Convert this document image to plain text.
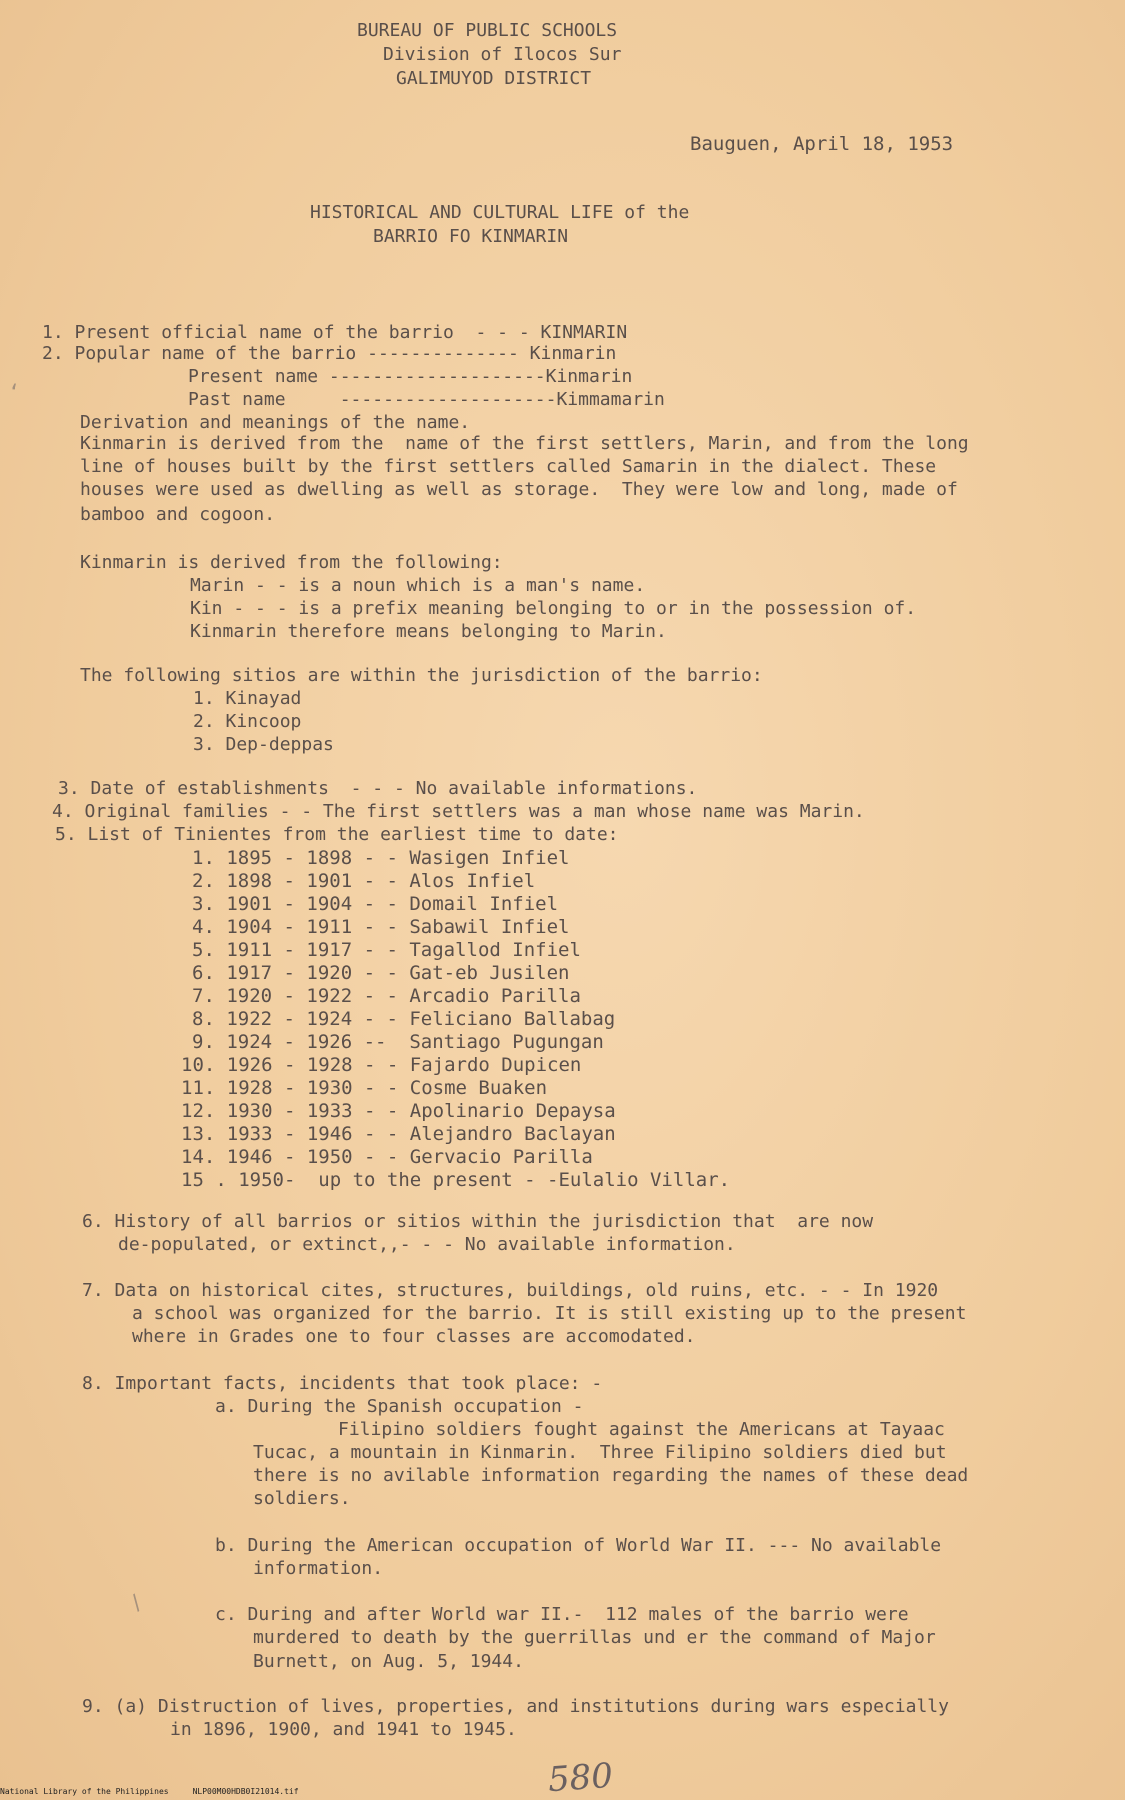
BUREAU OF PUBLIC SCHOOLS
Division of Ilocos Sur
GALIMUYOD DISTRICT
Bauguen, April 18, 1953
HISTORICAL AND CULTURAL LIFE of the
BARRIO FO KINMARIN
1. Present official name of the barrio  - - - KINMARIN
2. Popular name of the barrio -------------- Kinmarin
Present name --------------------Kinmarin
Past name     --------------------Kimmamarin
Derivation and meanings of the name.
Kinmarin is derived from the  name of the first settlers, Marin, and from the long
line of houses built by the first settlers called Samarin in the dialect. These
houses were used as dwelling as well as storage.  They were low and long, made of
bamboo and cogoon.
Kinmarin is derived from the following:
Marin - - is a noun which is a man's name.
Kin - - - is a prefix meaning belonging to or in the possession of.
Kinmarin therefore means belonging to Marin.
The following sitios are within the jurisdiction of the barrio:
1. Kinayad
2. Kincoop
3. Dep-deppas
3. Date of establishments  - - - No available informations.
4. Original families - - The first settlers was a man whose name was Marin.
5. List of Tinientes from the earliest time to date:
1. 1895 - 1898 - - Wasigen Infiel
2. 1898 - 1901 - - Alos Infiel
3. 1901 - 1904 - - Domail Infiel
4. 1904 - 1911 - - Sabawil Infiel
5. 1911 - 1917 - - Tagallod Infiel
6. 1917 - 1920 - - Gat-eb Jusilen
7. 1920 - 1922 - - Arcadio Parilla
8. 1922 - 1924 - - Feliciano Ballabag
9. 1924 - 1926 --  Santiago Pugungan
10. 1926 - 1928 - - Fajardo Dupicen
11. 1928 - 1930 - - Cosme Buaken
12. 1930 - 1933 - - Apolinario Depaysa
13. 1933 - 1946 - - Alejandro Baclayan
14. 1946 - 1950 - - Gervacio Parilla
15 . 1950-  up to the present - -Eulalio Villar.
6. History of all barrios or sitios within the jurisdiction that  are now
de-populated, or extinct,,- - - No available information.
7. Data on historical cites, structures, buildings, old ruins, etc. - - In 1920
a school was organized for the barrio. It is still existing up to the present
where in Grades one to four classes are accomodated.
8. Important facts, incidents that took place: -
a. During the Spanish occupation -
Filipino soldiers fought against the Americans at Tayaac
Tucac, a mountain in Kinmarin.  Three Filipino soldiers died but
there is no avilable information regarding the names of these dead
soldiers.
b. During the American occupation of World War II. --- No available
information.
c. During and after World war II.-  112 males of the barrio were
murdered to death by the guerrillas und er the command of Major
Burnett, on Aug. 5, 1944.
9. (a) Distruction of lives, properties, and institutions during wars especially
in 1896, 1900, and 1941 to 1945.
580
‘
/
National Library of the Philippines	NLP00M00HDB0I21014.tif
